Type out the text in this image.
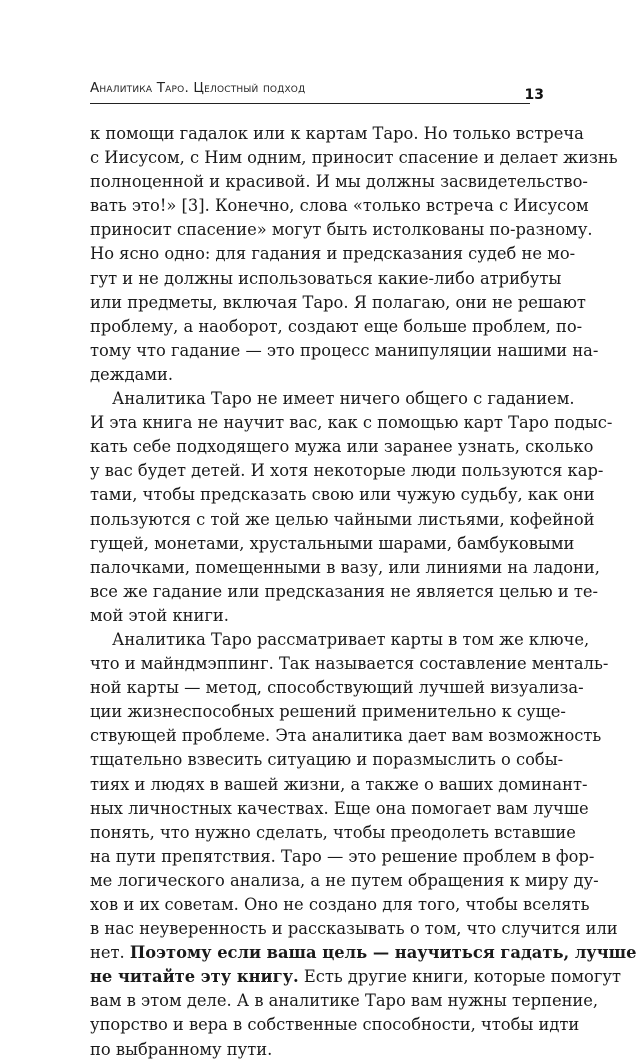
Аналитика Таро. Целостный подход	13
к помощи гадалок или к картам Таро. Но только встреча
с Иисусом, с Ним одним, приносит спасение и делает жизнь
полноценной и красивой. И мы должны засвидетельство-
вать это!» [3]. Конечно, слова «только встреча с Иисусом
приносит спасение» могут быть истолкованы по-разному.
Но ясно одно: для гадания и предсказания судеб не мо-
гут и не должны использоваться какие-либо атрибуты
или предметы, включая Таро. Я полагаю, они не решают
проблему, а наоборот, создают еще больше проблем, по-
тому что гадание — это процесс манипуляции нашими на-
деждами.
Аналитика Таро не имеет ничего общего с гаданием.
И эта книга не научит вас, как с помощью карт Таро подыс-
кать себе подходящего мужа или заранее узнать, сколько
у вас будет детей. И хотя некоторые люди пользуются кар-
тами, чтобы предсказать свою или чужую судьбу, как они
пользуются с той же целью чайными листьями, кофейной
гущей, монетами, хрустальными шарами, бамбуковыми
палочками, помещенными в вазу, или линиями на ладони,
все же гадание или предсказания не является целью и те-
мой этой книги.
Аналитика Таро рассматривает карты в том же ключе,
что и майндмэппинг. Так называется составление менталь-
ной карты — метод, способствующий лучшей визуализа-
ции жизнеспособных решений применительно к суще-
ствующей проблеме. Эта аналитика дает вам возможность
тщательно взвесить ситуацию и поразмыслить о собы-
тиях и людях в вашей жизни, а также о ваших доминант-
ных личностных качествах. Еще она помогает вам лучше
понять, что нужно сделать, чтобы преодолеть вставшие
на пути препятствия. Таро — это решение проблем в фор-
ме логического анализа, а не путем обращения к миру ду-
хов и их советам. Оно не создано для того, чтобы вселять
в нас неуверенность и рассказывать о том, что случится или
нет. Поэтому если ваша цель — научиться гадать, лучше
не читайте эту книгу. Есть другие книги, которые помогут
вам в этом деле. А в аналитике Таро вам нужны терпение,
упорство и вера в собственные способности, чтобы идти
по выбранному пути.
